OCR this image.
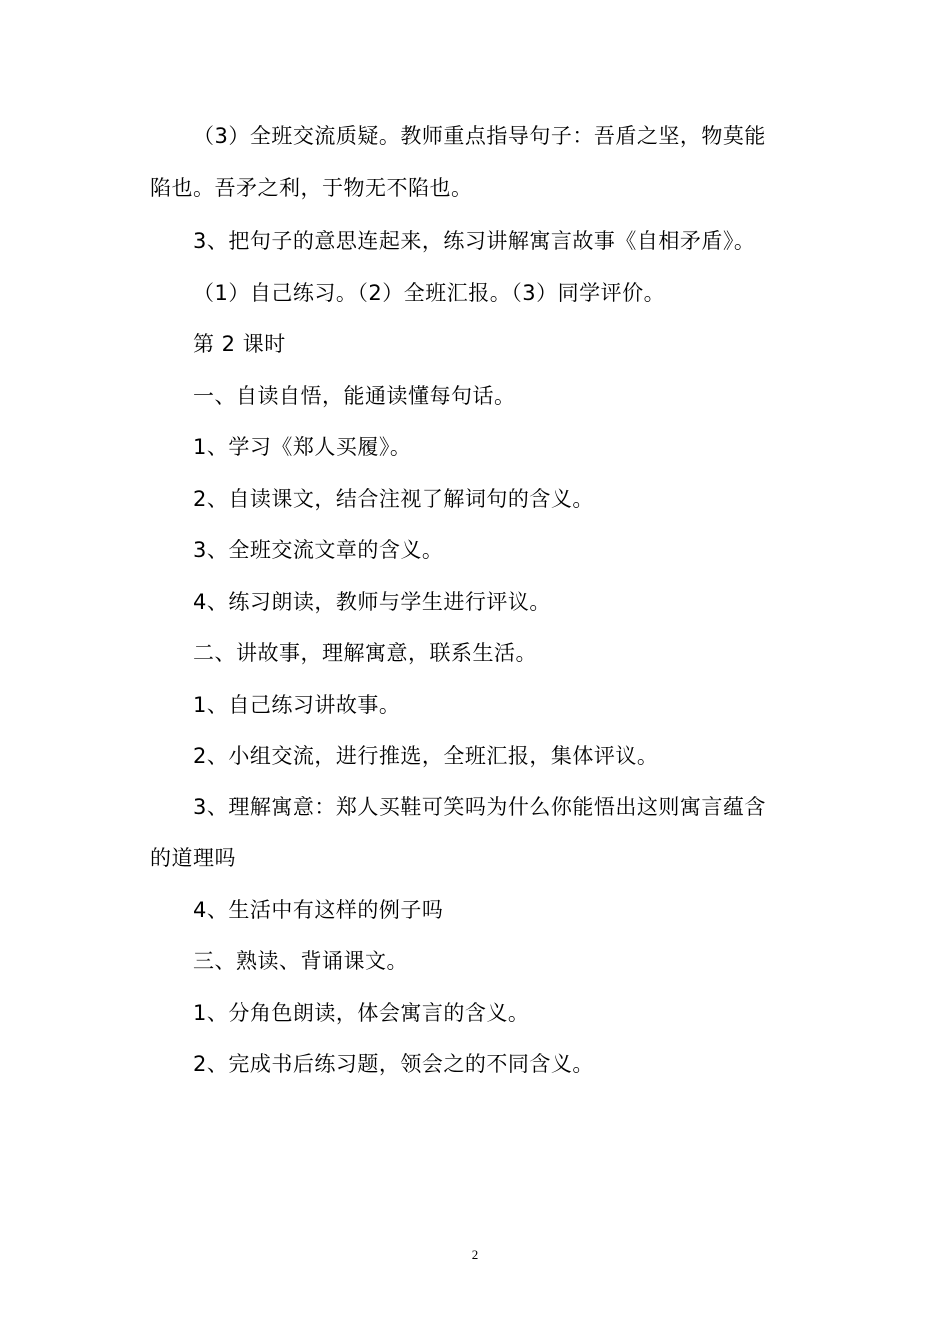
（3）全班交流质疑。教师重点指导句子：吾盾之坚，物莫能
陷也。吾矛之利，于物无不陷也。
3、把句子的意思连起来，练习讲解寓言故事《自相矛盾》。
（1）自己练习。（2）全班汇报。（3）同学评价。
第 2 课时
一、自读自悟，能通读懂每句话。
1、学习《郑人买履》。
2、自读课文，结合注视了解词句的含义。
3、全班交流文章的含义。
4、练习朗读，教师与学生进行评议。
二、讲故事，理解寓意，联系生活。
1、自己练习讲故事。
2、小组交流，进行推选，全班汇报，集体评议。
3、理解寓意：郑人买鞋可笑吗为什么你能悟出这则寓言蕴含
的道理吗
4、生活中有这样的例子吗
三、熟读、背诵课文。
1、分角色朗读，体会寓言的含义。
2、完成书后练习题，领会之的不同含义。
2
